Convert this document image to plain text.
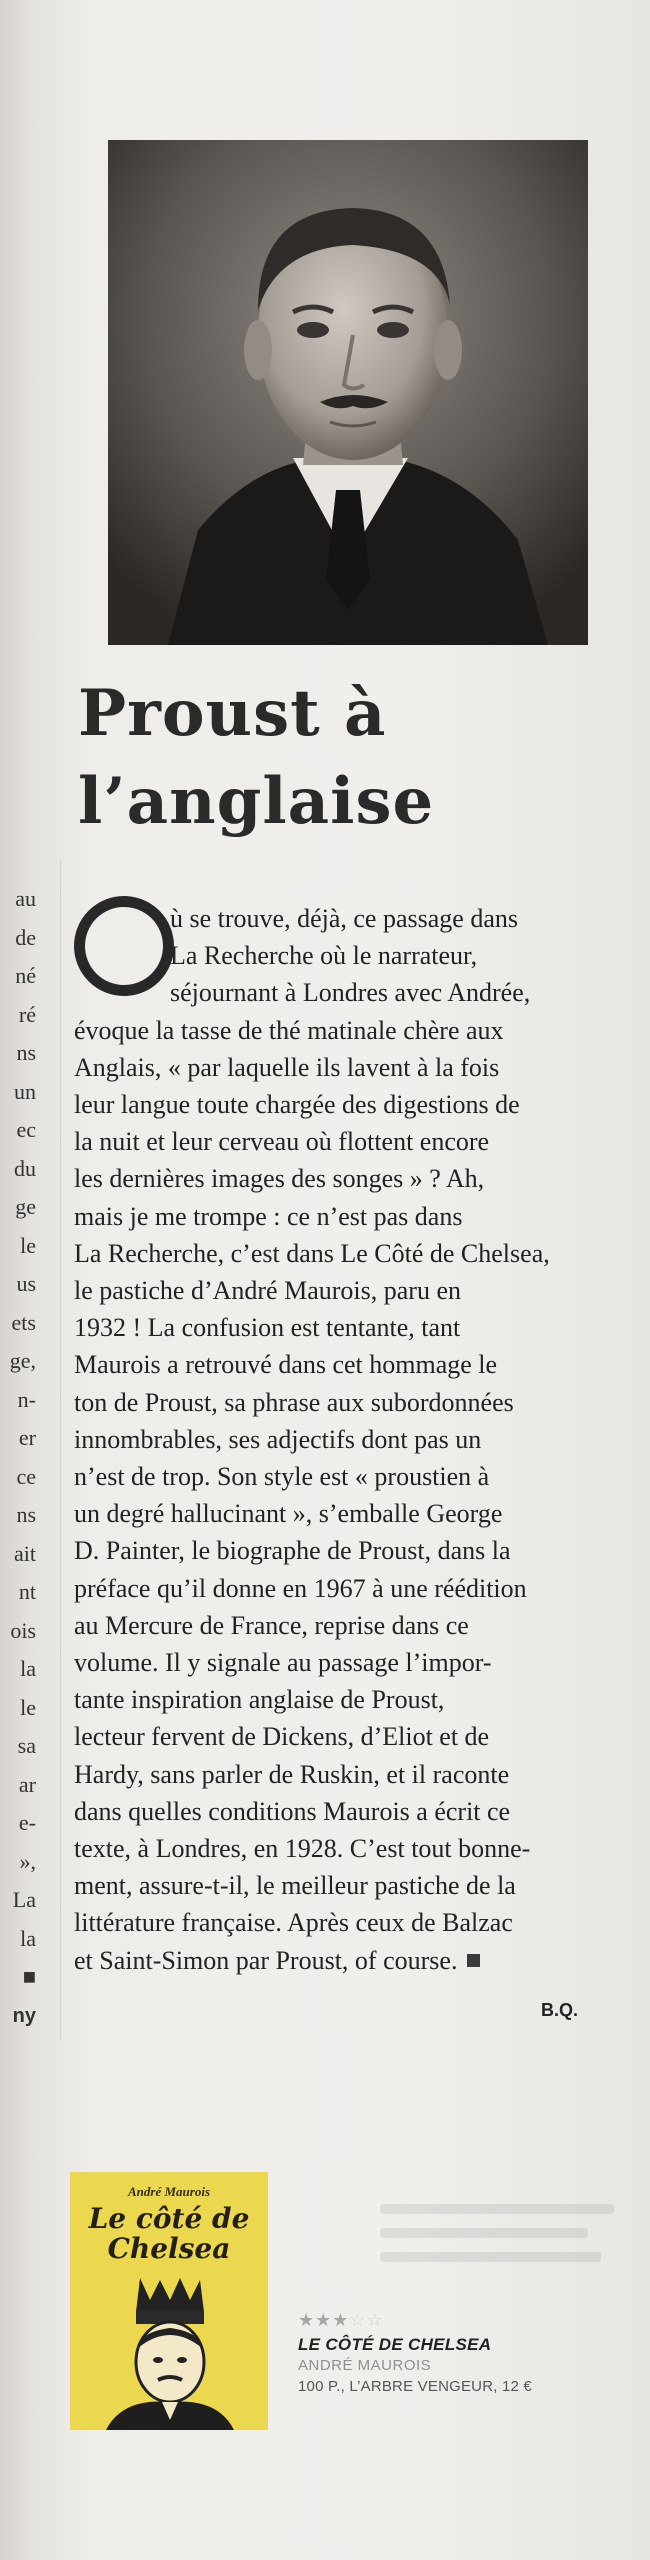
au
de
né
ré
ns
un
ec
du
ge
le
us
ets
ge,
n-
er
ce
ns
ait
nt
ois
la
le
sa
ar
e-
»,
La
la
■
ny
Proust à
l’anglaise
ù se trouve, déjà, ce passage dans
La Recherche où le narrateur,
séjournant à Londres avec Andrée,
évoque la tasse de thé matinale chère aux
Anglais, « par laquelle ils lavent à la fois
leur langue toute chargée des digestions de
la nuit et leur cerveau où flottent encore
les dernières images des songes » ? Ah,
mais je me trompe : ce n’est pas dans
La Recherche, c’est dans Le Côté de Chelsea,
le pastiche d’André Maurois, paru en
1932 ! La confusion est tentante, tant
Maurois a retrouvé dans cet hommage le
ton de Proust, sa phrase aux subordonnées
innombrables, ses adjectifs dont pas un
n’est de trop. Son style est « proustien à
un degré hallucinant », s’emballe George
D. Painter, le biographe de Proust, dans la
préface qu’il donne en 1967 à une réédition
au Mercure de France, reprise dans ce
volume. Il y signale au passage l’impor-
tante inspiration anglaise de Proust,
lecteur fervent de Dickens, d’Eliot et de
Hardy, sans parler de Ruskin, et il raconte
dans quelles conditions Maurois a écrit ce
texte, à Londres, en 1928. C’est tout bonne-
ment, assure-t-il, le meilleur pastiche de la
littérature française. Après ceux de Balzac
et Saint-Simon par Proust, of course.
B.Q.
André Maurois
Le côté de
Chelsea
★★★☆☆
LE CÔTÉ DE CHELSEA
ANDRÉ MAUROIS
100 P., L’ARBRE VENGEUR, 12 €
